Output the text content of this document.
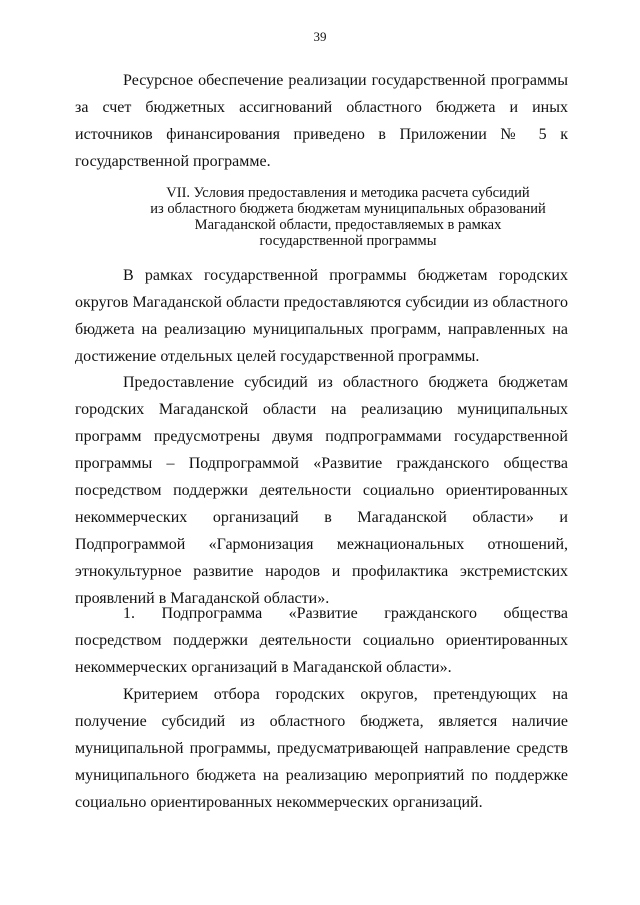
39

Ресурсное обеспечение реализации государственной программы за счет бюджетных ассигнований областного бюджета и иных источников финансирования приведено в Приложении № 5 к государственной программе.

VII. Условия предоставления и методика расчета субсидий
из областного бюджета бюджетам муниципальных образований
Магаданской области, предоставляемых в рамках
государственной программы

В рамках государственной программы бюджетам городских округов Магаданской области предоставляются субсидии из областного бюджета на реализацию муниципальных программ, направленных на достижение отдельных целей государственной программы.

Предоставление субсидий из областного бюджета бюджетам городских Магаданской области на реализацию муниципальных программ предусмотрены двумя подпрограммами государственной программы – Подпрограммой «Развитие гражданского общества посредством поддержки деятельности социально ориентированных некоммерческих организаций в Магаданской области» и Подпрограммой «Гармонизация межнациональных отношений, этнокультурное развитие народов и профилактика экстремистских проявлений в Магаданской области».

1. Подпрограмма «Развитие гражданского общества посредством поддержки деятельности социально ориентированных некоммерческих организаций в Магаданской области».

Критерием отбора городских округов, претендующих на получение субсидий из областного бюджета, является наличие муниципальной программы, предусматривающей направление средств муниципального бюджета на реализацию мероприятий по поддержке социально ориентированных некоммерческих организаций.
